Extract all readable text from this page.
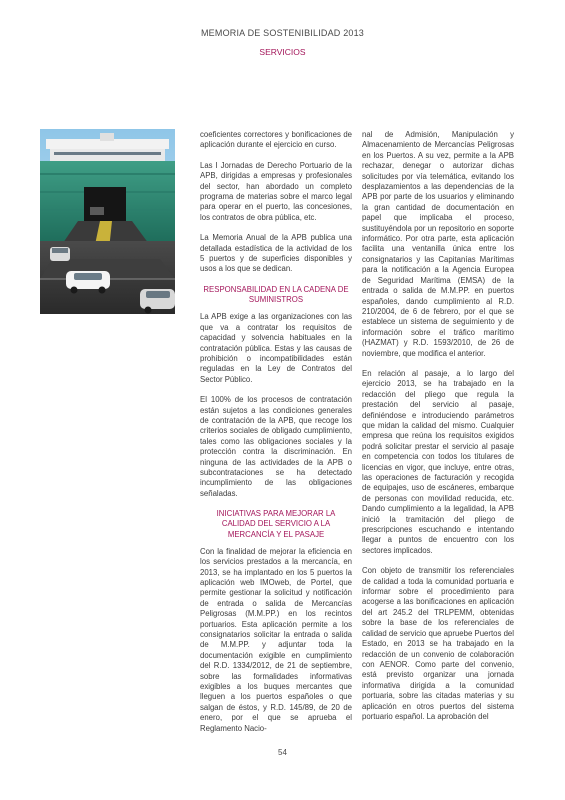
MEMORIA DE SOSTENIBILIDAD 2013
SERVICIOS

coeficientes correctores y bonificaciones de aplicación durante el ejercicio en curso.

Las I Jornadas de Derecho Portuario de la APB, dirigidas a empresas y profesionales del sector, han abordado un completo programa de materias sobre el marco legal para operar en el puerto, las concesiones, los contratos de obra pública, etc.

La Memoria Anual de la APB publica una detallada estadística de la actividad de los 5 puertos y de superficies disponibles y usos a los que se dedican.

RESPONSABILIDAD EN LA CADENA DE SUMINISTROS

La APB exige a las organizaciones con las que va a contratar los requisitos de capacidad y solvencia habituales en la contratación pública. Estas y las causas de prohibición o incompatibilidades están reguladas en la Ley de Contratos del Sector Público.

El 100% de los procesos de contratación están sujetos a las condiciones generales de contratación de la APB, que recoge los criterios sociales de obligado cumplimiento, tales como las obligaciones sociales y la protección contra la discriminación. En ninguna de las actividades de la APB o subcontrataciones se ha detectado incumplimiento de las obligaciones señaladas.

INICIATIVAS PARA MEJORAR LA CALIDAD DEL SERVICIO A LA MERCANCÍA Y EL PASAJE

Con la finalidad de mejorar la eficiencia en los servicios prestados a la mercancía, en 2013, se ha implantado en los 5 puertos la aplicación web IMOweb, de Portel, que permite gestionar la solicitud y notificación de entrada o salida de Mercancías Peligrosas (M.M.PP.) en los recintos portuarios. Esta aplicación permite a los consignatarios solicitar la entrada o salida de M.M.PP. y adjuntar toda la documentación exigible en cumplimiento del R.D. 1334/2012, de 21 de septiembre, sobre las formalidades informativas exigibles a los buques mercantes que lleguen a los puertos españoles o que salgan de éstos, y R.D. 145/89, de 20 de enero, por el que se aprueba el Reglamento Nacio-

nal de Admisión, Manipulación y Almacenamiento de Mercancías Peligrosas en los Puertos. A su vez, permite a la APB rechazar, denegar o autorizar dichas solicitudes por vía telemática, evitando los desplazamientos a las dependencias de la APB por parte de los usuarios y eliminando la gran cantidad de documentación en papel que implicaba el proceso, sustituyéndola por un repositorio en soporte informático. Por otra parte, esta aplicación facilita una ventanilla única entre los consignatarios y las Capitanías Marítimas para la notificación a la Agencia Europea de Seguridad Marítima (EMSA) de la entrada o salida de M.M.PP. en puertos españoles, dando cumplimiento al R.D. 210/2004, de 6 de febrero, por el que se establece un sistema de seguimiento y de información sobre el tráfico marítimo (HAZMAT) y R.D. 1593/2010, de 26 de noviembre, que modifica el anterior.

En relación al pasaje, a lo largo del ejercicio 2013, se ha trabajado en la redacción del pliego que regula la prestación del servicio al pasaje, definiéndose e introduciendo parámetros que midan la calidad del mismo. Cualquier empresa que reúna los requisitos exigidos podrá solicitar prestar el servicio al pasaje en competencia con todos los titulares de licencias en vigor, que incluye, entre otras, las operaciones de facturación y recogida de equipajes, uso de escáneres, embarque de personas con movilidad reducida, etc. Dando cumplimiento a la legalidad, la APB inició la tramitación del pliego de prescripciones escuchando e intentando llegar a puntos de encuentro con los sectores implicados.

Con objeto de transmitir los referenciales de calidad a toda la comunidad portuaria e informar sobre el procedimiento para acogerse a las bonificaciones en aplicación del art 245.2 del TRLPEMM, obtenidas sobre la base de los referenciales de calidad de servicio que apruebe Puertos del Estado, en 2013 se ha trabajado en la redacción de un convenio de colaboración con AENOR. Como parte del convenio, está previsto organizar una jornada informativa dirigida a la comunidad portuaria, sobre las citadas materias y su aplicación en otros puertos del sistema portuario español. La aprobación del

54
